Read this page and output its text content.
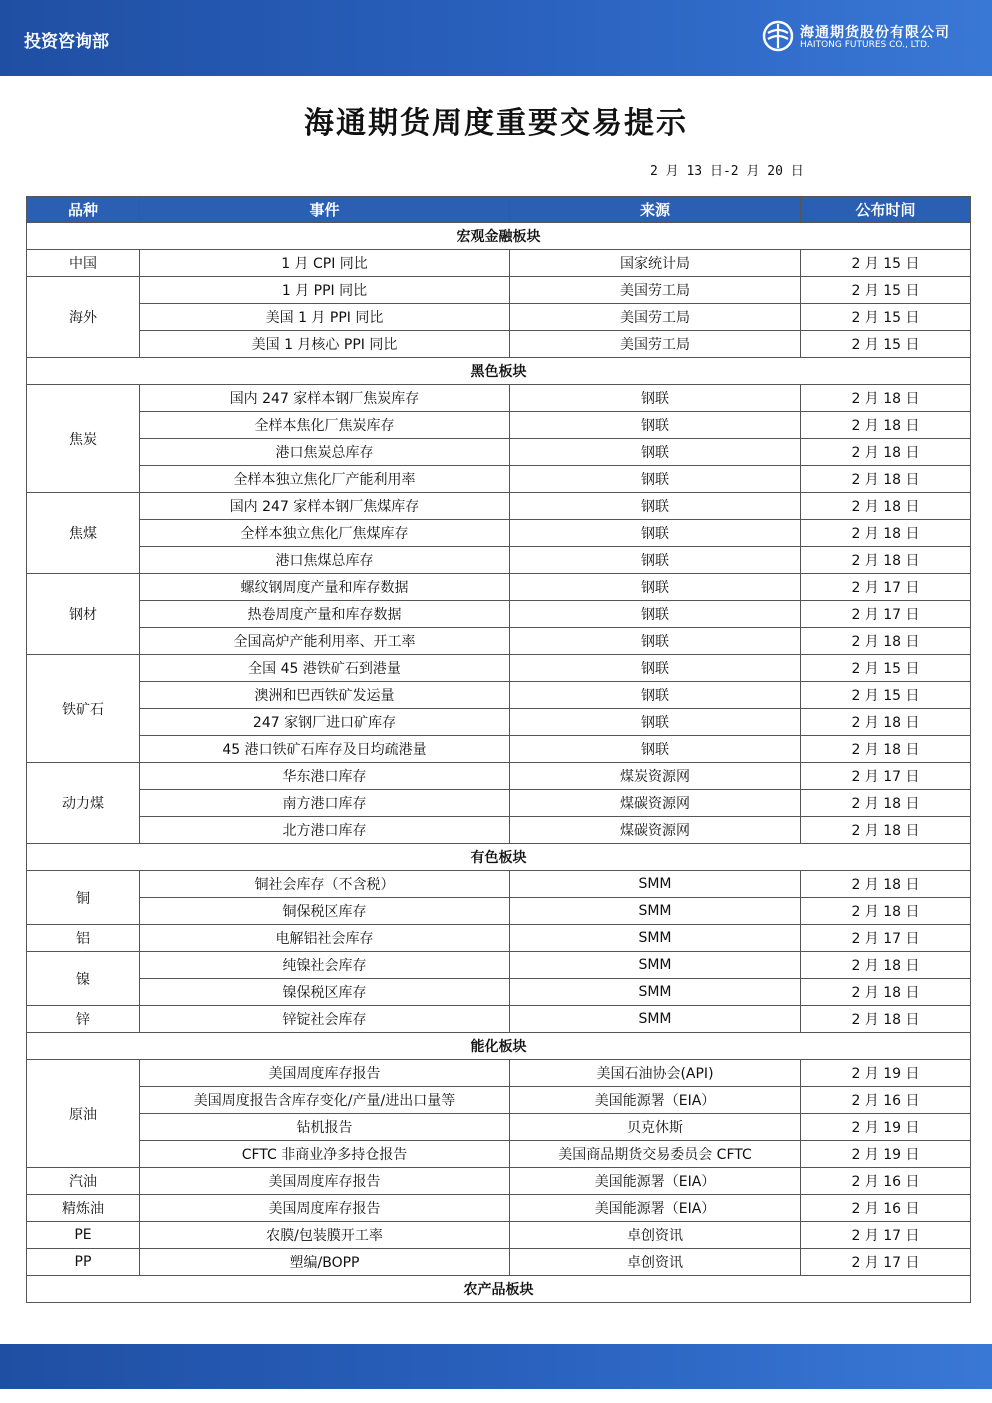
投资咨询部	海通期货股份有限公司
HAITONG FUTURES CO., LTD.
海通期货周度重要交易提示
2 月 13 日-2 月 20 日
品种	事件	来源	公布时间
宏观金融板块			
中国	1 月 CPI 同比	国家统计局	2 月 15 日
海外	1 月 PPI 同比	美国劳工局	2 月 15 日
	美国 1 月 PPI 同比	美国劳工局	2 月 15 日
	美国 1 月核心 PPI 同比	美国劳工局	2 月 15 日
黑色板块			
焦炭	国内 247 家样本钢厂焦炭库存	钢联	2 月 18 日
	全样本焦化厂焦炭库存	钢联	2 月 18 日
	港口焦炭总库存	钢联	2 月 18 日
	全样本独立焦化厂产能利用率	钢联	2 月 18 日
焦煤	国内 247 家样本钢厂焦煤库存	钢联	2 月 18 日
	全样本独立焦化厂焦煤库存	钢联	2 月 18 日
	港口焦煤总库存	钢联	2 月 18 日
钢材	螺纹钢周度产量和库存数据	钢联	2 月 17 日
	热卷周度产量和库存数据	钢联	2 月 17 日
	全国高炉产能利用率、开工率	钢联	2 月 18 日
铁矿石	全国 45 港铁矿石到港量	钢联	2 月 15 日
	澳洲和巴西铁矿发运量	钢联	2 月 15 日
	247 家钢厂进口矿库存	钢联	2 月 18 日
	45 港口铁矿石库存及日均疏港量	钢联	2 月 18 日
动力煤	华东港口库存	煤炭资源网	2 月 17 日
	南方港口库存	煤碳资源网	2 月 18 日
	北方港口库存	煤碳资源网	2 月 18 日
有色板块			
铜	铜社会库存（不含税）	SMM	2 月 18 日
	铜保税区库存	SMM	2 月 18 日
铝	电解铝社会库存	SMM	2 月 17 日
镍	纯镍社会库存	SMM	2 月 18 日
	镍保税区库存	SMM	2 月 18 日
锌	锌锭社会库存	SMM	2 月 18 日
能化板块			
原油	美国周度库存报告	美国石油协会(API)	2 月 19 日
	美国周度报告含库存变化/产量/进出口量等	美国能源署（EIA）	2 月 16 日
	钻机报告	贝克休斯	2 月 19 日
	CFTC 非商业净多持仓报告	美国商品期货交易委员会 CFTC	2 月 19 日
汽油	美国周度库存报告	美国能源署（EIA）	2 月 16 日
精炼油	美国周度库存报告	美国能源署（EIA）	2 月 16 日
PE	农膜/包装膜开工率	卓创资讯	2 月 17 日
PP	塑编/BOPP	卓创资讯	2 月 17 日
农产品板块			
